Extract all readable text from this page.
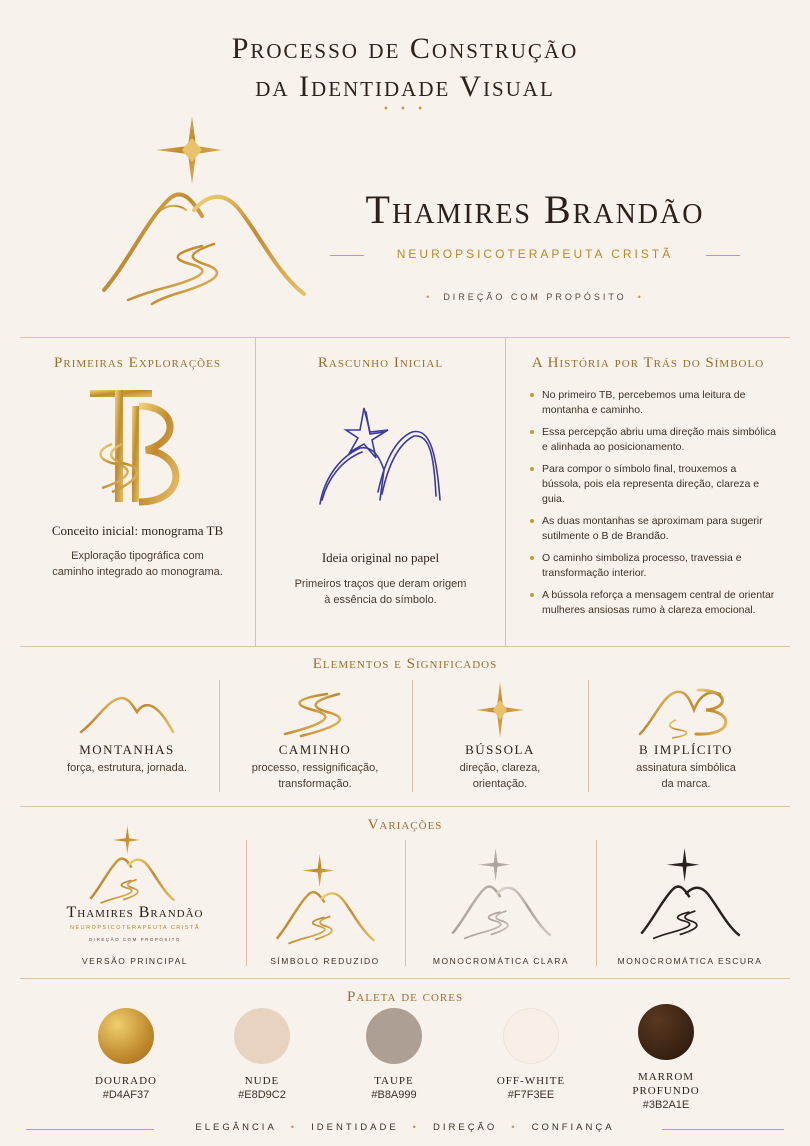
Processo de Construção
da Identidade Visual
• • •
Thamires Brandão
NEUROPSICOTERAPEUTA CRISTÃ
• DIREÇÃO COM PROPÓSITO •
Primeiras Explorações
Conceito inicial: monograma TB
Exploração tipográfica com
caminho integrado ao monograma.
Rascunho Inicial
Ideia original no papel
Primeiros traços que deram origem
à essência do símbolo.
A História por Trás do Símbolo
No primeiro TB, percebemos uma leitura de montanha e caminho.
Essa percepção abriu uma direção mais simbólica e alinhada ao posicionamento.
Para compor o símbolo final, trouxemos a bússola, pois ela representa direção, clareza e guia.
As duas montanhas se aproximam para sugerir sutilmente o B de Brandão.
O caminho simboliza processo, travessia e transformação interior.
A bússola reforça a mensagem central de orientar mulheres ansiosas rumo à clareza emocional.
Elementos e Significados
MONTANHAS
força, estrutura, jornada.
CAMINHO
processo, ressignificação,
transformação.
BÚSSOLA
direção, clareza,
orientação.
B IMPLÍCITO
assinatura simbólica
da marca.
Variações
Thamires Brandão
NEUROPSICOTERAPEUTA CRISTÃ
DIREÇÃO COM PROPÓSITO
VERSÃO PRINCIPAL	SÍMBOLO REDUZIDO	MONOCROMÁTICA CLARA	MONOCROMÁTICA ESCURA
Paleta de cores
DOURADO
#D4AF37
NUDE
#E8D9C2
TAUPE
#B8A999
OFF-WHITE
#F7F3EE
MARROM
PROFUNDO
#3B2A1E
ELEGÂNCIA • IDENTIDADE • DIREÇÃO • CONFIANÇA
